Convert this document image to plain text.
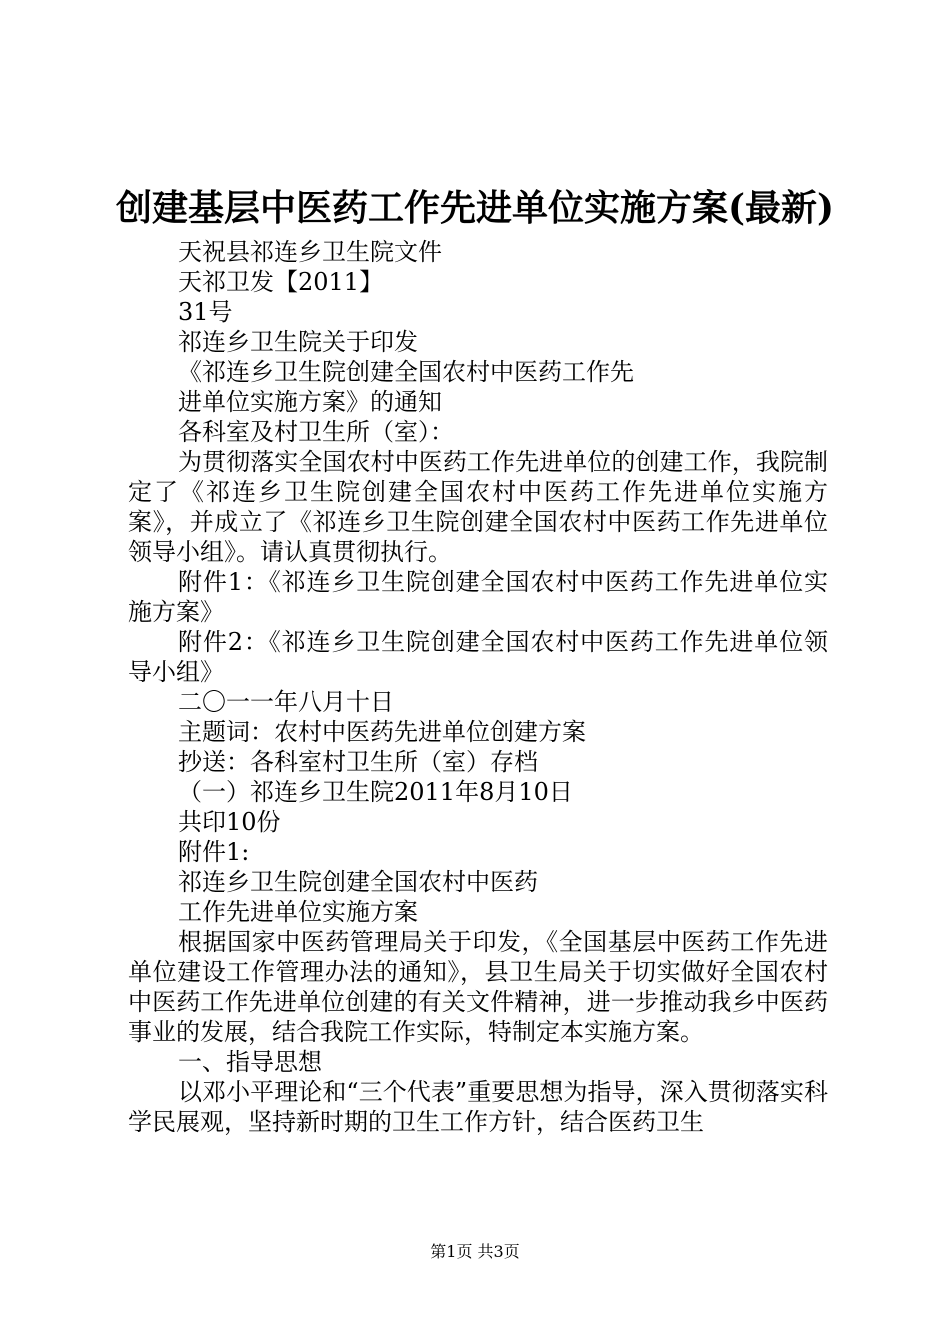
创建基层中医药工作先进单位实施方案(最新)
天祝县祁连乡卫生院文件
天祁卫发【2011】
31号
祁连乡卫生院关于印发
《祁连乡卫生院创建全国农村中医药工作先
进单位实施方案》的通知
各科室及村卫生所（室）：

为贯彻落实全国农村中医药工作先进单位的创建工作，我院制定了《祁连乡卫生院创建全国农村中医药工作先进单位实施方案》，并成立了《祁连乡卫生院创建全国农村中医药工作先进单位领导小组》。请认真贯彻执行。

附件1：《祁连乡卫生院创建全国农村中医药工作先进单位实施方案》

附件2：《祁连乡卫生院创建全国农村中医药工作先进单位领导小组》

二〇一一年八月十日
主题词：农村中医药先进单位创建方案
抄送：各科室村卫生所（室）存档
（一）祁连乡卫生院2011年8月10日
共印10份
附件1:
祁连乡卫生院创建全国农村中医药
工作先进单位实施方案

根据国家中医药管理局关于印发，《全国基层中医药工作先进单位建设工作管理办法的通知》，县卫生局关于切实做好全国农村中医药工作先进单位创建的有关文件精神，进一步推动我乡中医药事业的发展，结合我院工作实际，特制定本实施方案。

一、指导思想

以邓小平理论和“三个代表”重要思想为指导，深入贯彻落实科学民展观，坚持新时期的卫生工作方针，结合医药卫生

第1页 共3页
